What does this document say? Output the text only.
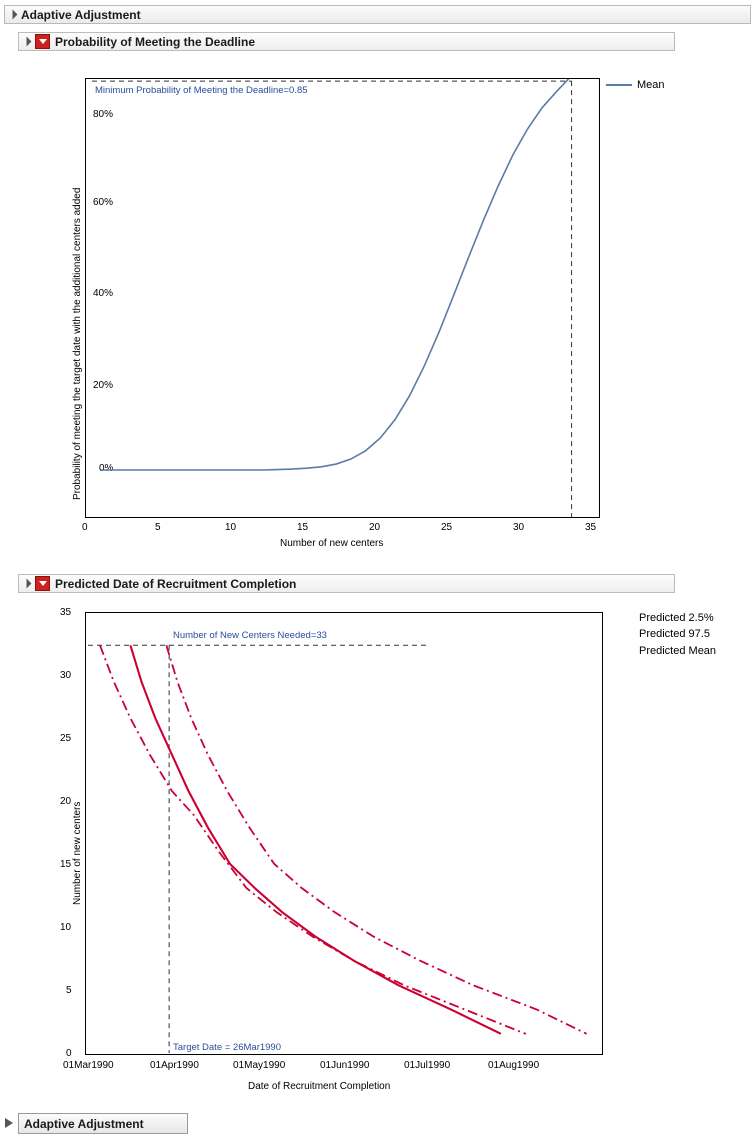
Adaptive Adjustment
Probability of Meeting the Deadline
Probability of meeting the target date with the additional centers added 0%
20%
40%
60%
80%
0	5	10	15	20	25	30	35
Number of new centers
Minimum Probability of Meeting the Deadline=0.85	Mean
Predicted Date of Recruitment Completion
Number of new centers
35
30
25
20
15
10
5
0
01Mar1990	01Apr1990	01May1990	01Jun1990	01Jul1990	01Aug1990
Date of Recruitment Completion
Number of New Centers Needed=33
Target Date = 26Mar1990
Predicted 2.5%
Predicted 97.5
Predicted Mean
Adaptive Adjustment
